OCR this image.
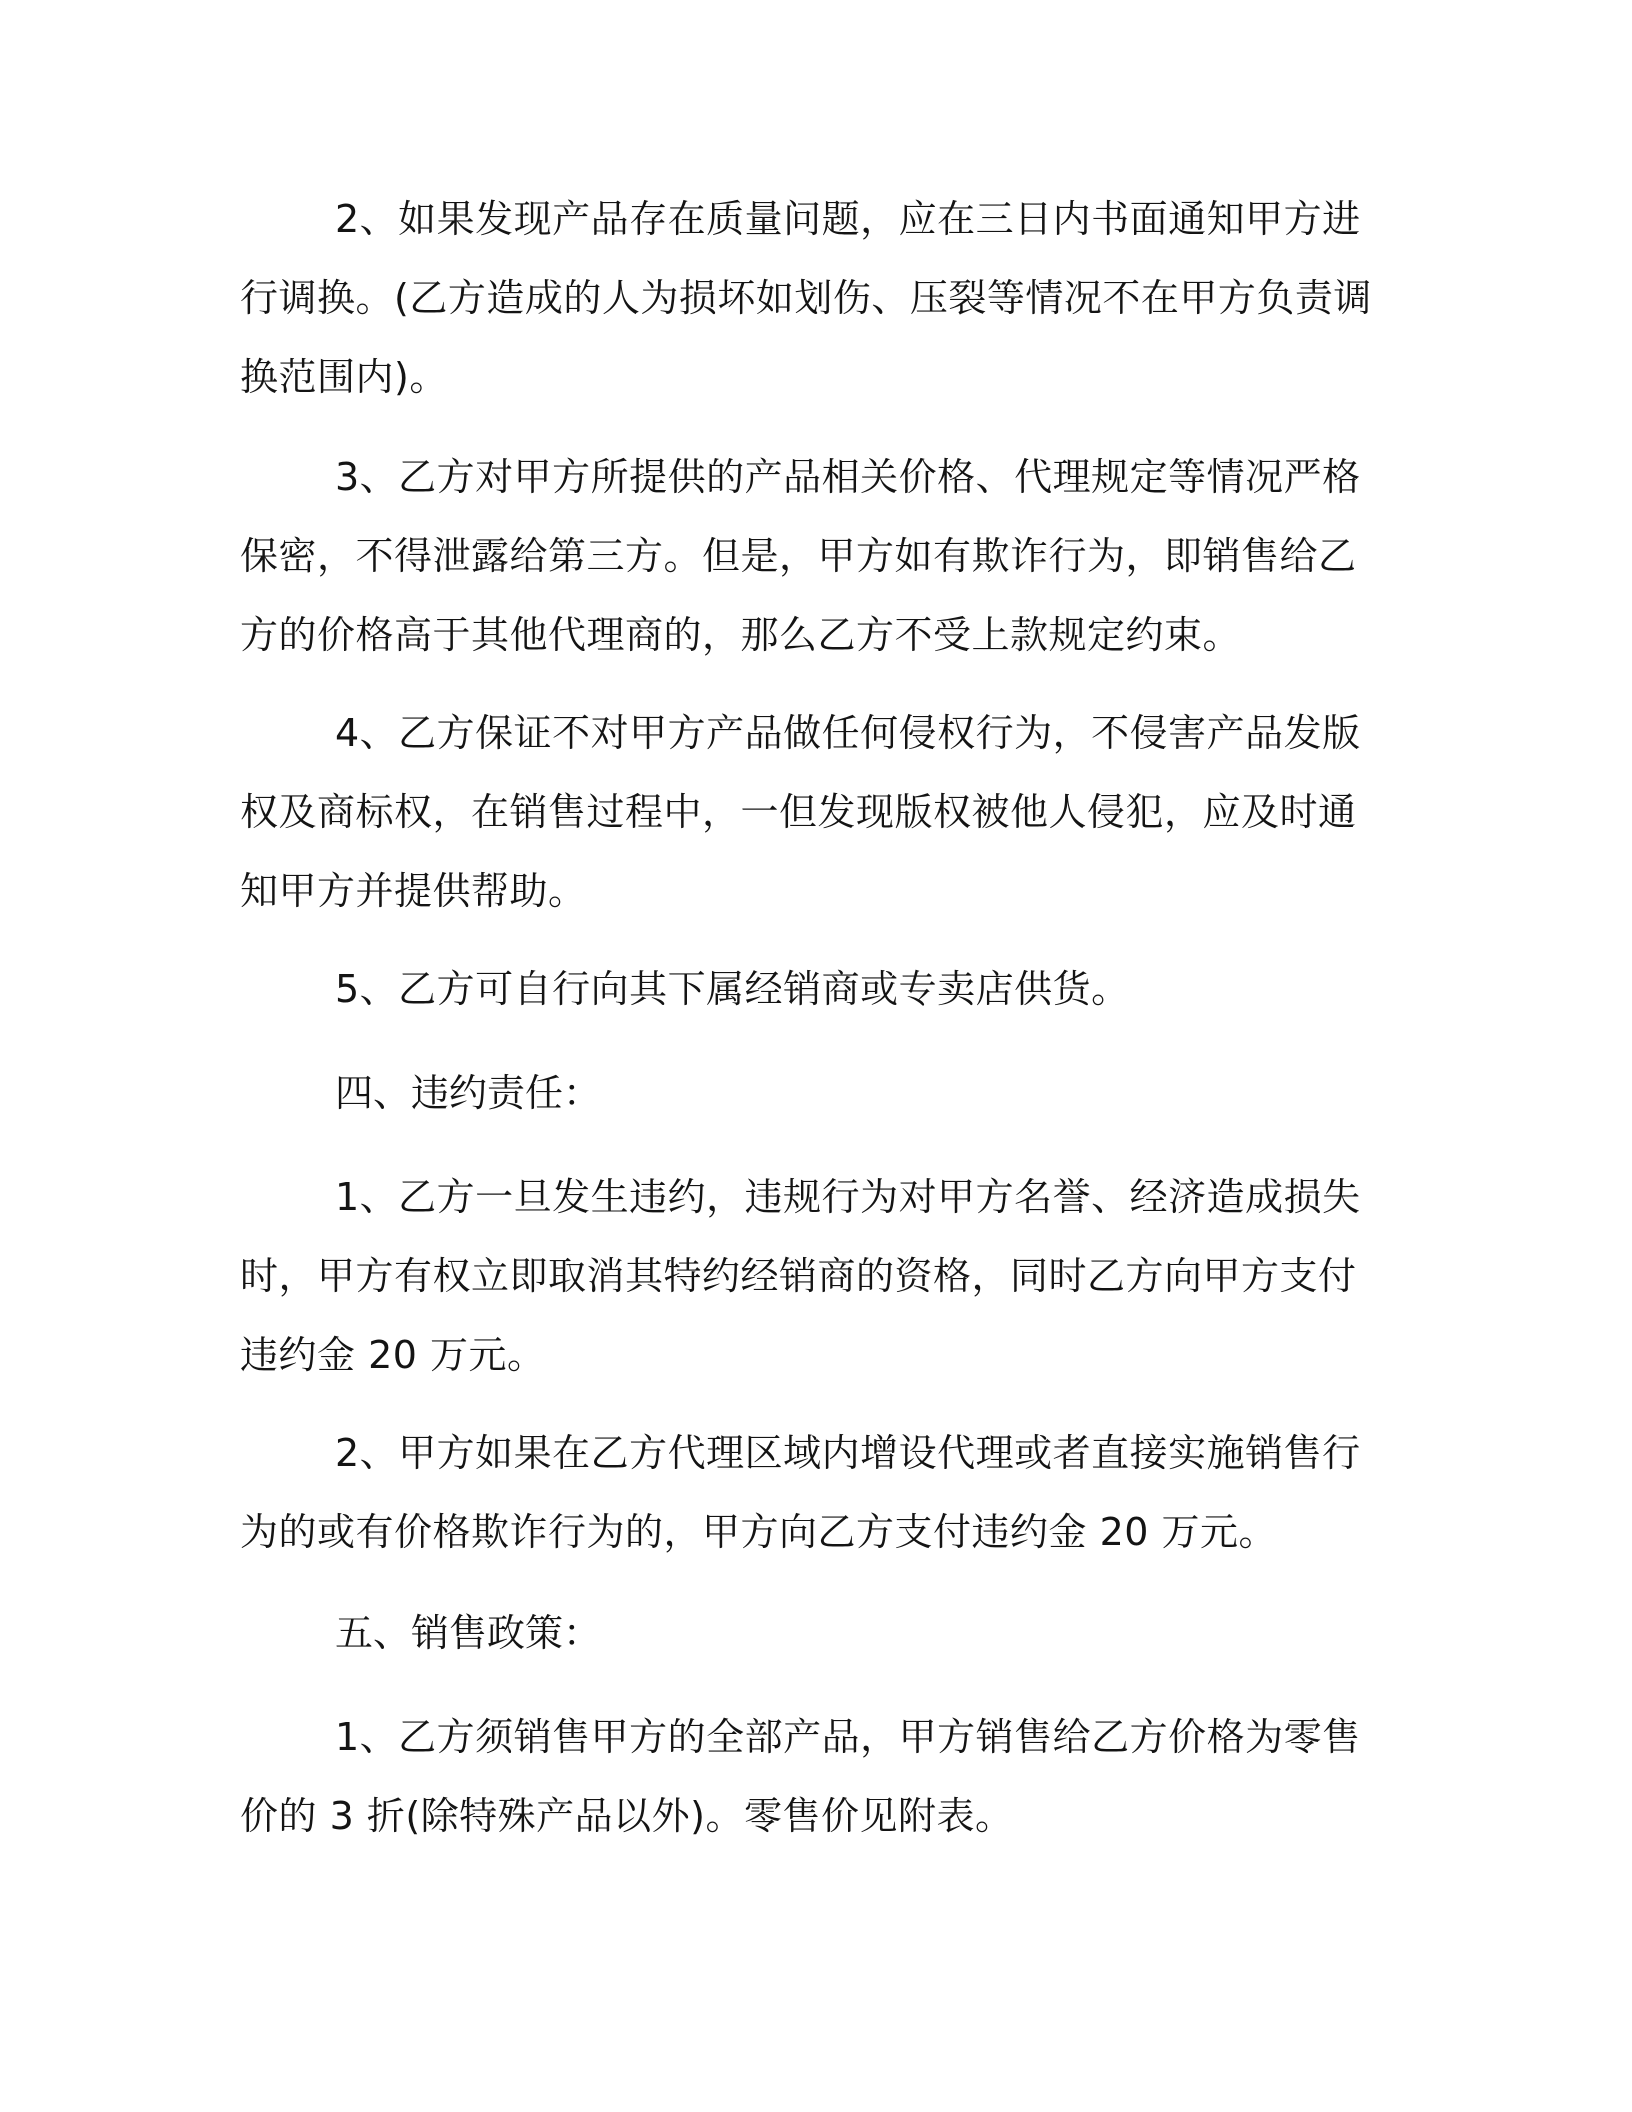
2、如果发现产品存在质量问题，应在三日内书面通知甲方进行调换。(乙方造成的人为损坏如划伤、压裂等情况不在甲方负责调换范围内)。

3、乙方对甲方所提供的产品相关价格、代理规定等情况严格保密，不得泄露给第三方。但是，甲方如有欺诈行为，即销售给乙方的价格高于其他代理商的，那么乙方不受上款规定约束。

4、乙方保证不对甲方产品做任何侵权行为，不侵害产品发版权及商标权，在销售过程中，一但发现版权被他人侵犯，应及时通知甲方并提供帮助。

5、乙方可自行向其下属经销商或专卖店供货。

四、违约责任：

1、乙方一旦发生违约，违规行为对甲方名誉、经济造成损失时，甲方有权立即取消其特约经销商的资格，同时乙方向甲方支付违约金 20 万元。

2、甲方如果在乙方代理区域内增设代理或者直接实施销售行为的或有价格欺诈行为的，甲方向乙方支付违约金 20 万元。

五、销售政策：

1、乙方须销售甲方的全部产品，甲方销售给乙方价格为零售价的 3 折(除特殊产品以外)。零售价见附表。
